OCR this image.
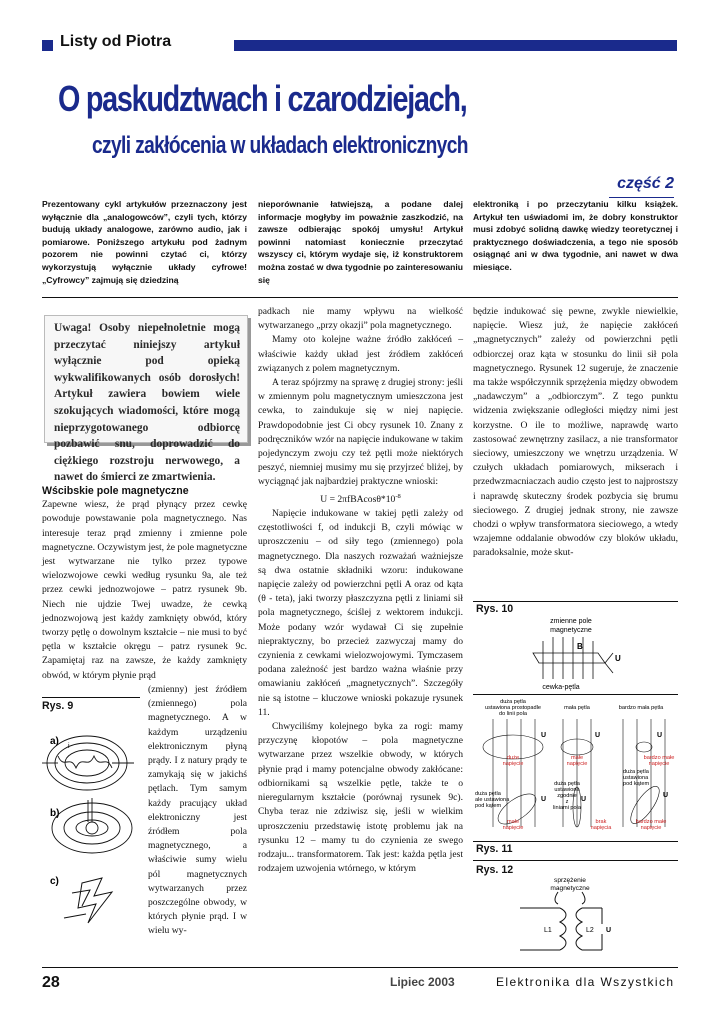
Listy od Piotra
O paskudztwach i czarodziejach,
czyli zakłócenia w układach elektronicznych
część 2
Prezentowany cykl artykułów przeznaczony jest wyłącznie dla „analogowców”, czyli tych, którzy budują układy analogowe, zarówno audio, jak i pomiarowe. Poniższego artykułu pod żadnym pozorem nie powinni czytać ci, którzy wykorzystują wyłącznie układy cyfrowe! „Cyfrowcy” zajmują się dziedziną
nieporównanie łatwiejszą, a podane dalej informacje mogłyby im poważnie zaszkodzić, na zawsze odbierając spokój umysłu! Artykuł powinni natomiast koniecznie przeczytać wszyscy ci, którym wydaje się, iż konstruktorem można zostać w dwa tygodnie po zainteresowaniu się
elektroniką i po przeczytaniu kilku książek. Artykuł ten uświadomi im, że dobry konstruktor musi zdobyć solidną dawkę wiedzy teoretycznej i praktycznego doświadczenia, a tego nie sposób osiągnąć ani w dwa tygodnie, ani nawet w dwa miesiące.
Uwaga! Osoby niepełnoletnie mogą przeczytać niniejszy artykuł wyłącznie pod opieką wykwalifikowanych osób dorosłych! Artykuł zawiera bowiem wiele szokujących wiadomości, które mogą nieprzygotowanego odbiorcę pozbawić snu, doprowadzić do ciężkiego rozstroju nerwowego, a nawet do śmierci ze zmartwienia.
Wścibskie pole magnetyczne

Zapewne wiesz, że prąd płynący przez cewkę powoduje powstawanie pola magnetycznego. Nas interesuje teraz prąd zmienny i zmienne pole magnetyczne. Oczywistym jest, że pole magnetyczne jest wytwarzane nie tylko przez typowe wielozwojowe cewki według rysunku 9a, ale też przez cewki jednozwojowe – patrz rysunek 9b. Niech nie ujdzie Twej uwadze, że cewką jednozwojową jest każdy zamknięty obwód, który tworzy pętlę o dowolnym kształcie – nie musi to być pętla w kształcie okręgu – patrz rysunek 9c. Zapamiętaj raz na zawsze, że każdy zamknięty obwód, w którym płynie prąd

(zmienny) jest źródłem (zmiennego) pola magnetycznego. A w każdym urządzeniu elektronicznym płyną prądy. I z natury prądy te zamykają się w jakichś pętlach. Tym samym każdy pracujący układ elektroniczny jest źródłem pola magnetycznego, a właściwie sumy wielu pól magnetycznych wytwarzanych przez poszczególne obwody, w których płynie prąd. I w wielu wy-

Rys. 9
a) i
b)
c)

padkach nie mamy wpływu na wielkość wytwarzanego „przy okazji” pola magnetycznego.

Mamy oto kolejne ważne źródło zakłóceń – właściwie każdy układ jest źródłem zakłóceń związanych z polem magnetycznym.

A teraz spójrzmy na sprawę z drugiej strony: jeśli w zmiennym polu magnetycznym umieszczona jest cewka, to zaindukuje się w niej napięcie. Prawdopodobnie jest Ci obcy rysunek 10. Znany z podręczników wzór na napięcie indukowane w takim pojedynczym zwoju czy też pętli może niektórych peszyć, niemniej musimy mu się przyjrzeć bliżej, by wyciągnąć jak najbardziej praktyczne wnioski:

$U = 2\pi fBAcos\theta*10^{-8}$

Napięcie indukowane w takiej pętli zależy od częstotliwości f, od indukcji B, czyli mówiąc w uproszczeniu – od siły tego (zmiennego) pola magnetycznego. Dla naszych rozważań ważniejsze są dwa ostatnie składniki wzoru: indukowane napięcie zależy od powierzchni pętli A oraz od kąta (θ - teta), jaki tworzy płaszczyzna pętli z liniami sił pola magnetycznego, ściślej z wektorem indukcji. Może podany wzór wydawał Ci się zupełnie niepraktyczny, bo przecież zazwyczaj mamy do czynienia z cewkami wielozwojowymi. Tymczasem podana zależność jest bardzo ważna właśnie przy omawianiu zakłóceń „magnetycznych”. Szczegóły nie są istotne – kluczowe wnioski pokazuje rysunek 11.

Chwyciliśmy kolejnego byka za rogi: mamy przyczynę kłopotów – pola magnetyczne wytwarzane przez wszelkie obwody, w których płynie prąd i mamy potencjalne obwody zakłócane: odbiornikami są wszelkie pętle, także te o nieregularnym kształcie (porównaj rysunek 9c). Chyba teraz nie zdziwisz się, jeśli w wielkim uproszczeniu przedstawię istotę problemu jak na rysunku 12 – mamy tu do czynienia ze swego rodzaju... transformatorem. Tak jest: każda pętla jest rodzajem uzwojenia wtórnego, w którym

będzie indukować się pewne, zwykle niewielkie, napięcie. Wiesz już, że napięcie zakłóceń „magnetycznych” zależy od powierzchni pętli odbiorczej oraz kąta w stosunku do linii sił pola magnetycznego. Rysunek 12 sugeruje, że znaczenie ma także współczynnik sprzężenia między obwodem „nadawczym” a „odbiorczym”. Z tego punktu widzenia zwiększanie odległości między nimi jest korzystne. O ile to możliwe, naprawdę warto zastosować zewnętrzny zasilacz, a nie transformator sieciowy, umieszczony we wnętrzu urządzenia. W czułych układach pomiarowych, mikserach i przedwzmacniaczach audio często jest to najprostszy i naprawdę skuteczny środek pozbycia się brumu sieciowego. Z drugiej jednak strony, nie zawsze chodzi o wpływ transformatora sieciowego, a wtedy wzajemne oddalanie obwodów czy bloków układu, paradoksalnie, może skut-

Rys. 10
zmienne pole
magnetyczne
B
U
cewka-pętla
duża pętla
ustawiona prostopadle
do linii pola
mała pętla	bardzo mała pętla
duże
napięcie
małe
napięcie
bardzo małe
napięcie
duża pętla
ale ustawiona
pod kątem
duża pętla
ustawiona
zgodnie
z
liniami pola
duża pętla
ustawiona
pod kątem
małe
napięcie
brak
napięcia
bardzo małe
napięcie
U	U	U
U	U
U
Rys. 11
Rys. 12
sprzężenie
magnetyczne
L1	L2 U
28	Lipiec 2003	Elektronika dla Wszystkich
